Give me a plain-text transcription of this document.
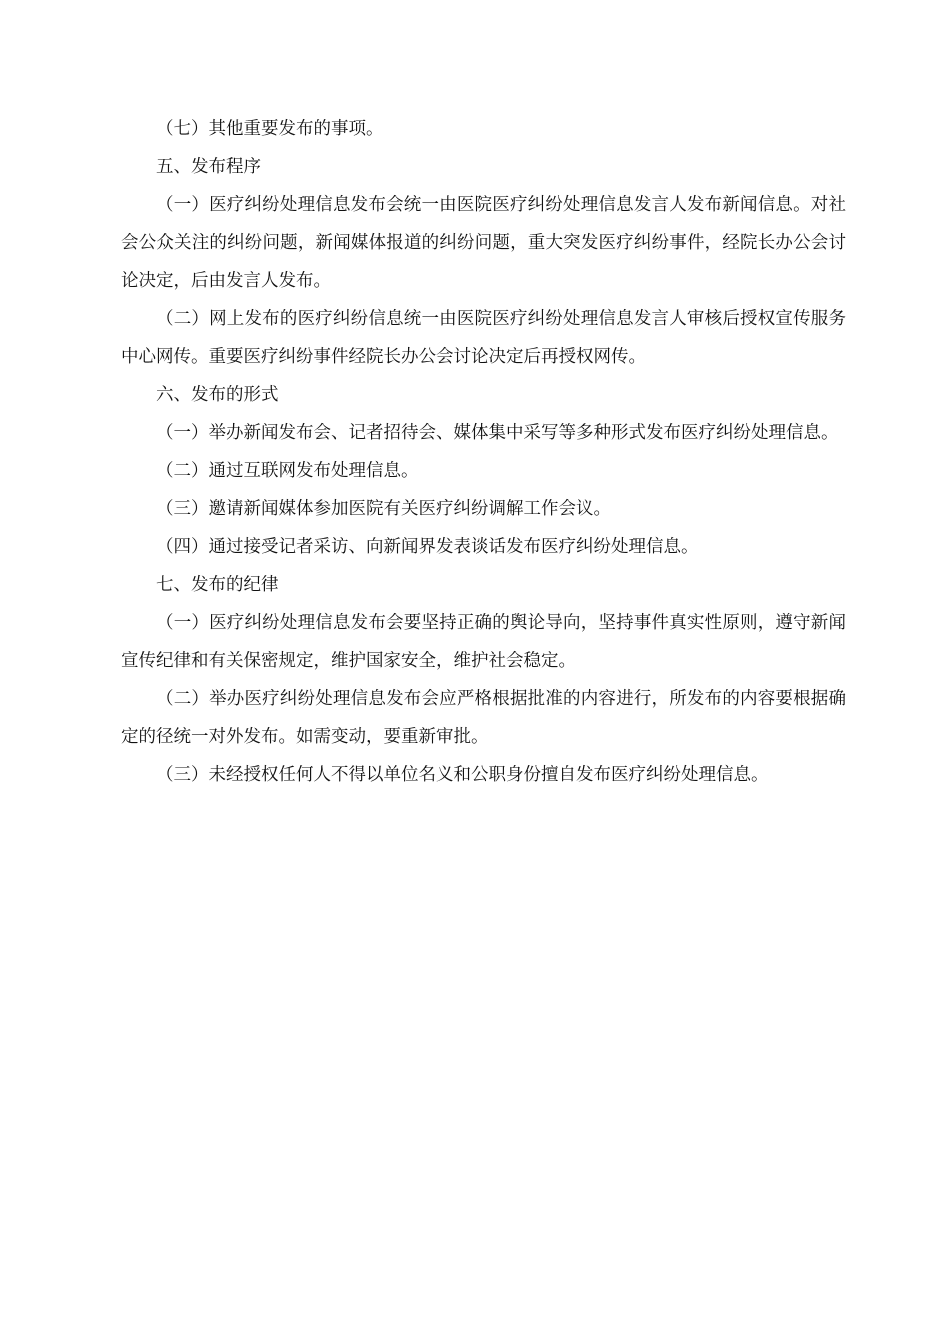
（七）其他重要发布的事项。

五、发布程序

（一）医疗纠纷处理信息发布会统一由医院医疗纠纷处理信息发言人发布新闻信息。对社会公众关注的纠纷问题，新闻媒体报道的纠纷问题，重大突发医疗纠纷事件，经院长办公会讨论决定，后由发言人发布。

（二）网上发布的医疗纠纷信息统一由医院医疗纠纷处理信息发言人审核后授权宣传服务中心网传。重要医疗纠纷事件经院长办公会讨论决定后再授权网传。

六、发布的形式

（一）举办新闻发布会、记者招待会、媒体集中采写等多种形式发布医疗纠纷处理信息。

（二）通过互联网发布处理信息。

（三）邀请新闻媒体参加医院有关医疗纠纷调解工作会议。

（四）通过接受记者采访、向新闻界发表谈话发布医疗纠纷处理信息。

七、发布的纪律

（一）医疗纠纷处理信息发布会要坚持正确的舆论导向，坚持事件真实性原则，遵守新闻宣传纪律和有关保密规定，维护国家安全，维护社会稳定。

（二）举办医疗纠纷处理信息发布会应严格根据批准的内容进行，所发布的内容要根据确定的径统一对外发布。如需变动，要重新审批。

（三）未经授权任何人不得以单位名义和公职身份擅自发布医疗纠纷处理信息。
